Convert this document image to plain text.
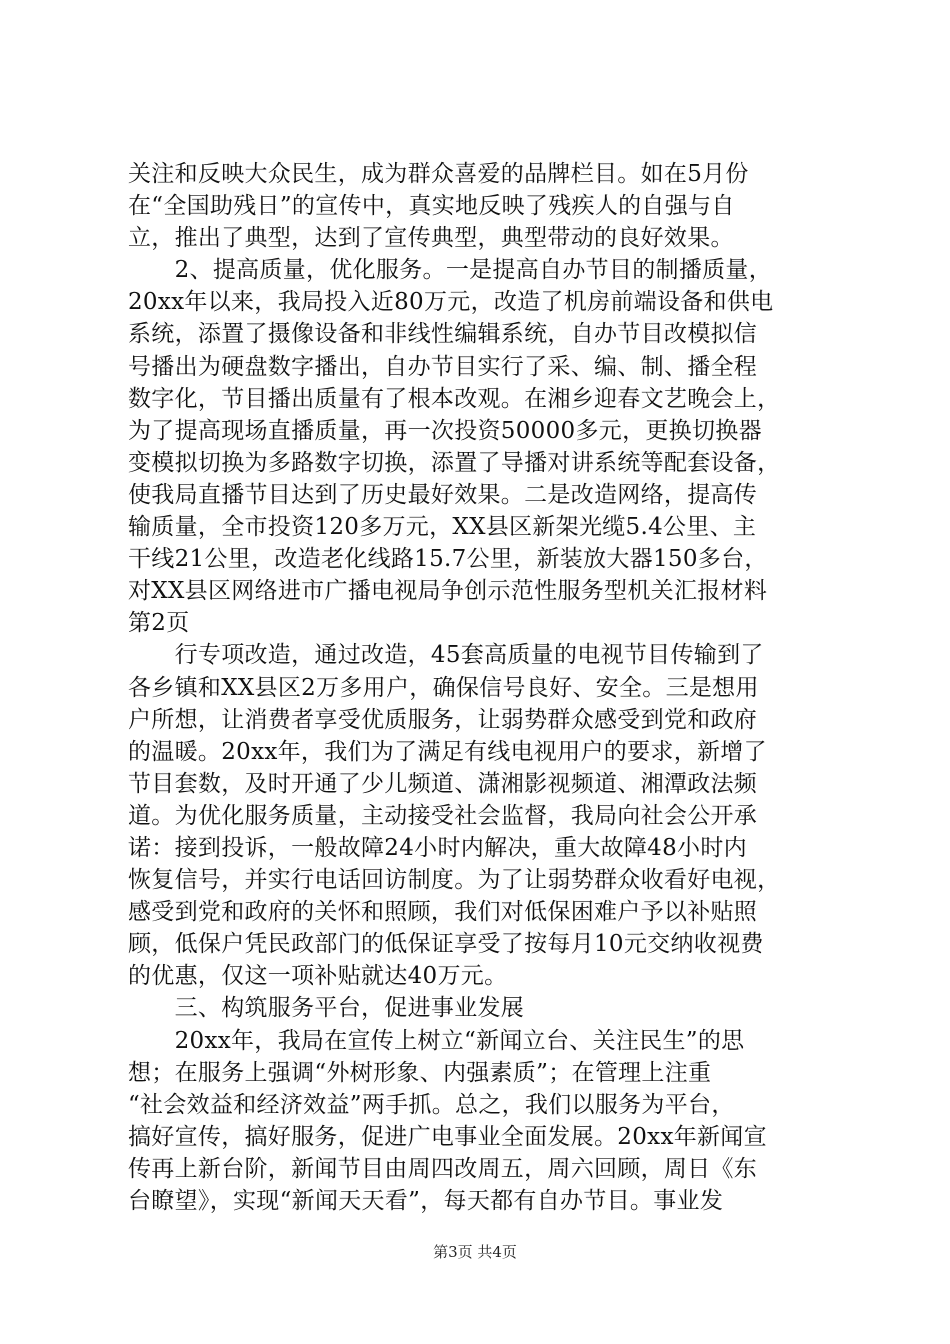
关注和反映大众民生，成为群众喜爱的品牌栏目。如在5月份
在“全国助残日”的宣传中，真实地反映了残疾人的自强与自
立，推出了典型，达到了宣传典型，典型带动的良好效果。
　　2、提高质量，优化服务。一是提高自办节目的制播质量，
20xx年以来，我局投入近80万元，改造了机房前端设备和供电
系统，添置了摄像设备和非线性编辑系统，自办节目改模拟信
号播出为硬盘数字播出，自办节目实行了采、编、制、播全程
数字化，节目播出质量有了根本改观。在湘乡迎春文艺晚会上，
为了提高现场直播质量，再一次投资50000多元，更换切换器
变模拟切换为多路数字切换，添置了导播对讲系统等配套设备，
使我局直播节目达到了历史最好效果。二是改造网络，提高传
输质量，全市投资120多万元，XX县区新架光缆5.4公里、主
干线21公里，改造老化线路15.7公里，新装放大器150多台，
对XX县区网络进市广播电视局争创示范性服务型机关汇报材料
第2页
　　行专项改造，通过改造，45套高质量的电视节目传输到了
各乡镇和XX县区2万多用户，确保信号良好、安全。三是想用
户所想，让消费者享受优质服务，让弱势群众感受到党和政府
的温暖。20xx年，我们为了满足有线电视用户的要求，新增了
节目套数，及时开通了少儿频道、潇湘影视频道、湘潭政法频
道。为优化服务质量，主动接受社会监督，我局向社会公开承
诺：接到投诉，一般故障24小时内解决，重大故障48小时内
恢复信号，并实行电话回访制度。为了让弱势群众收看好电视，
感受到党和政府的关怀和照顾，我们对低保困难户予以补贴照
顾，低保户凭民政部门的低保证享受了按每月10元交纳收视费
的优惠，仅这一项补贴就达40万元。
　　三、构筑服务平台，促进事业发展
　　20xx年，我局在宣传上树立“新闻立台、关注民生”的思
想；在服务上强调“外树形象、内强素质”；在管理上注重
“社会效益和经济效益”两手抓。总之，我们以服务为平台，
搞好宣传，搞好服务，促进广电事业全面发展。20xx年新闻宣
传再上新台阶，新闻节目由周四改周五，周六回顾，周日《东
台瞭望》，实现“新闻天天看”，每天都有自办节目。事业发
第3页 共4页
